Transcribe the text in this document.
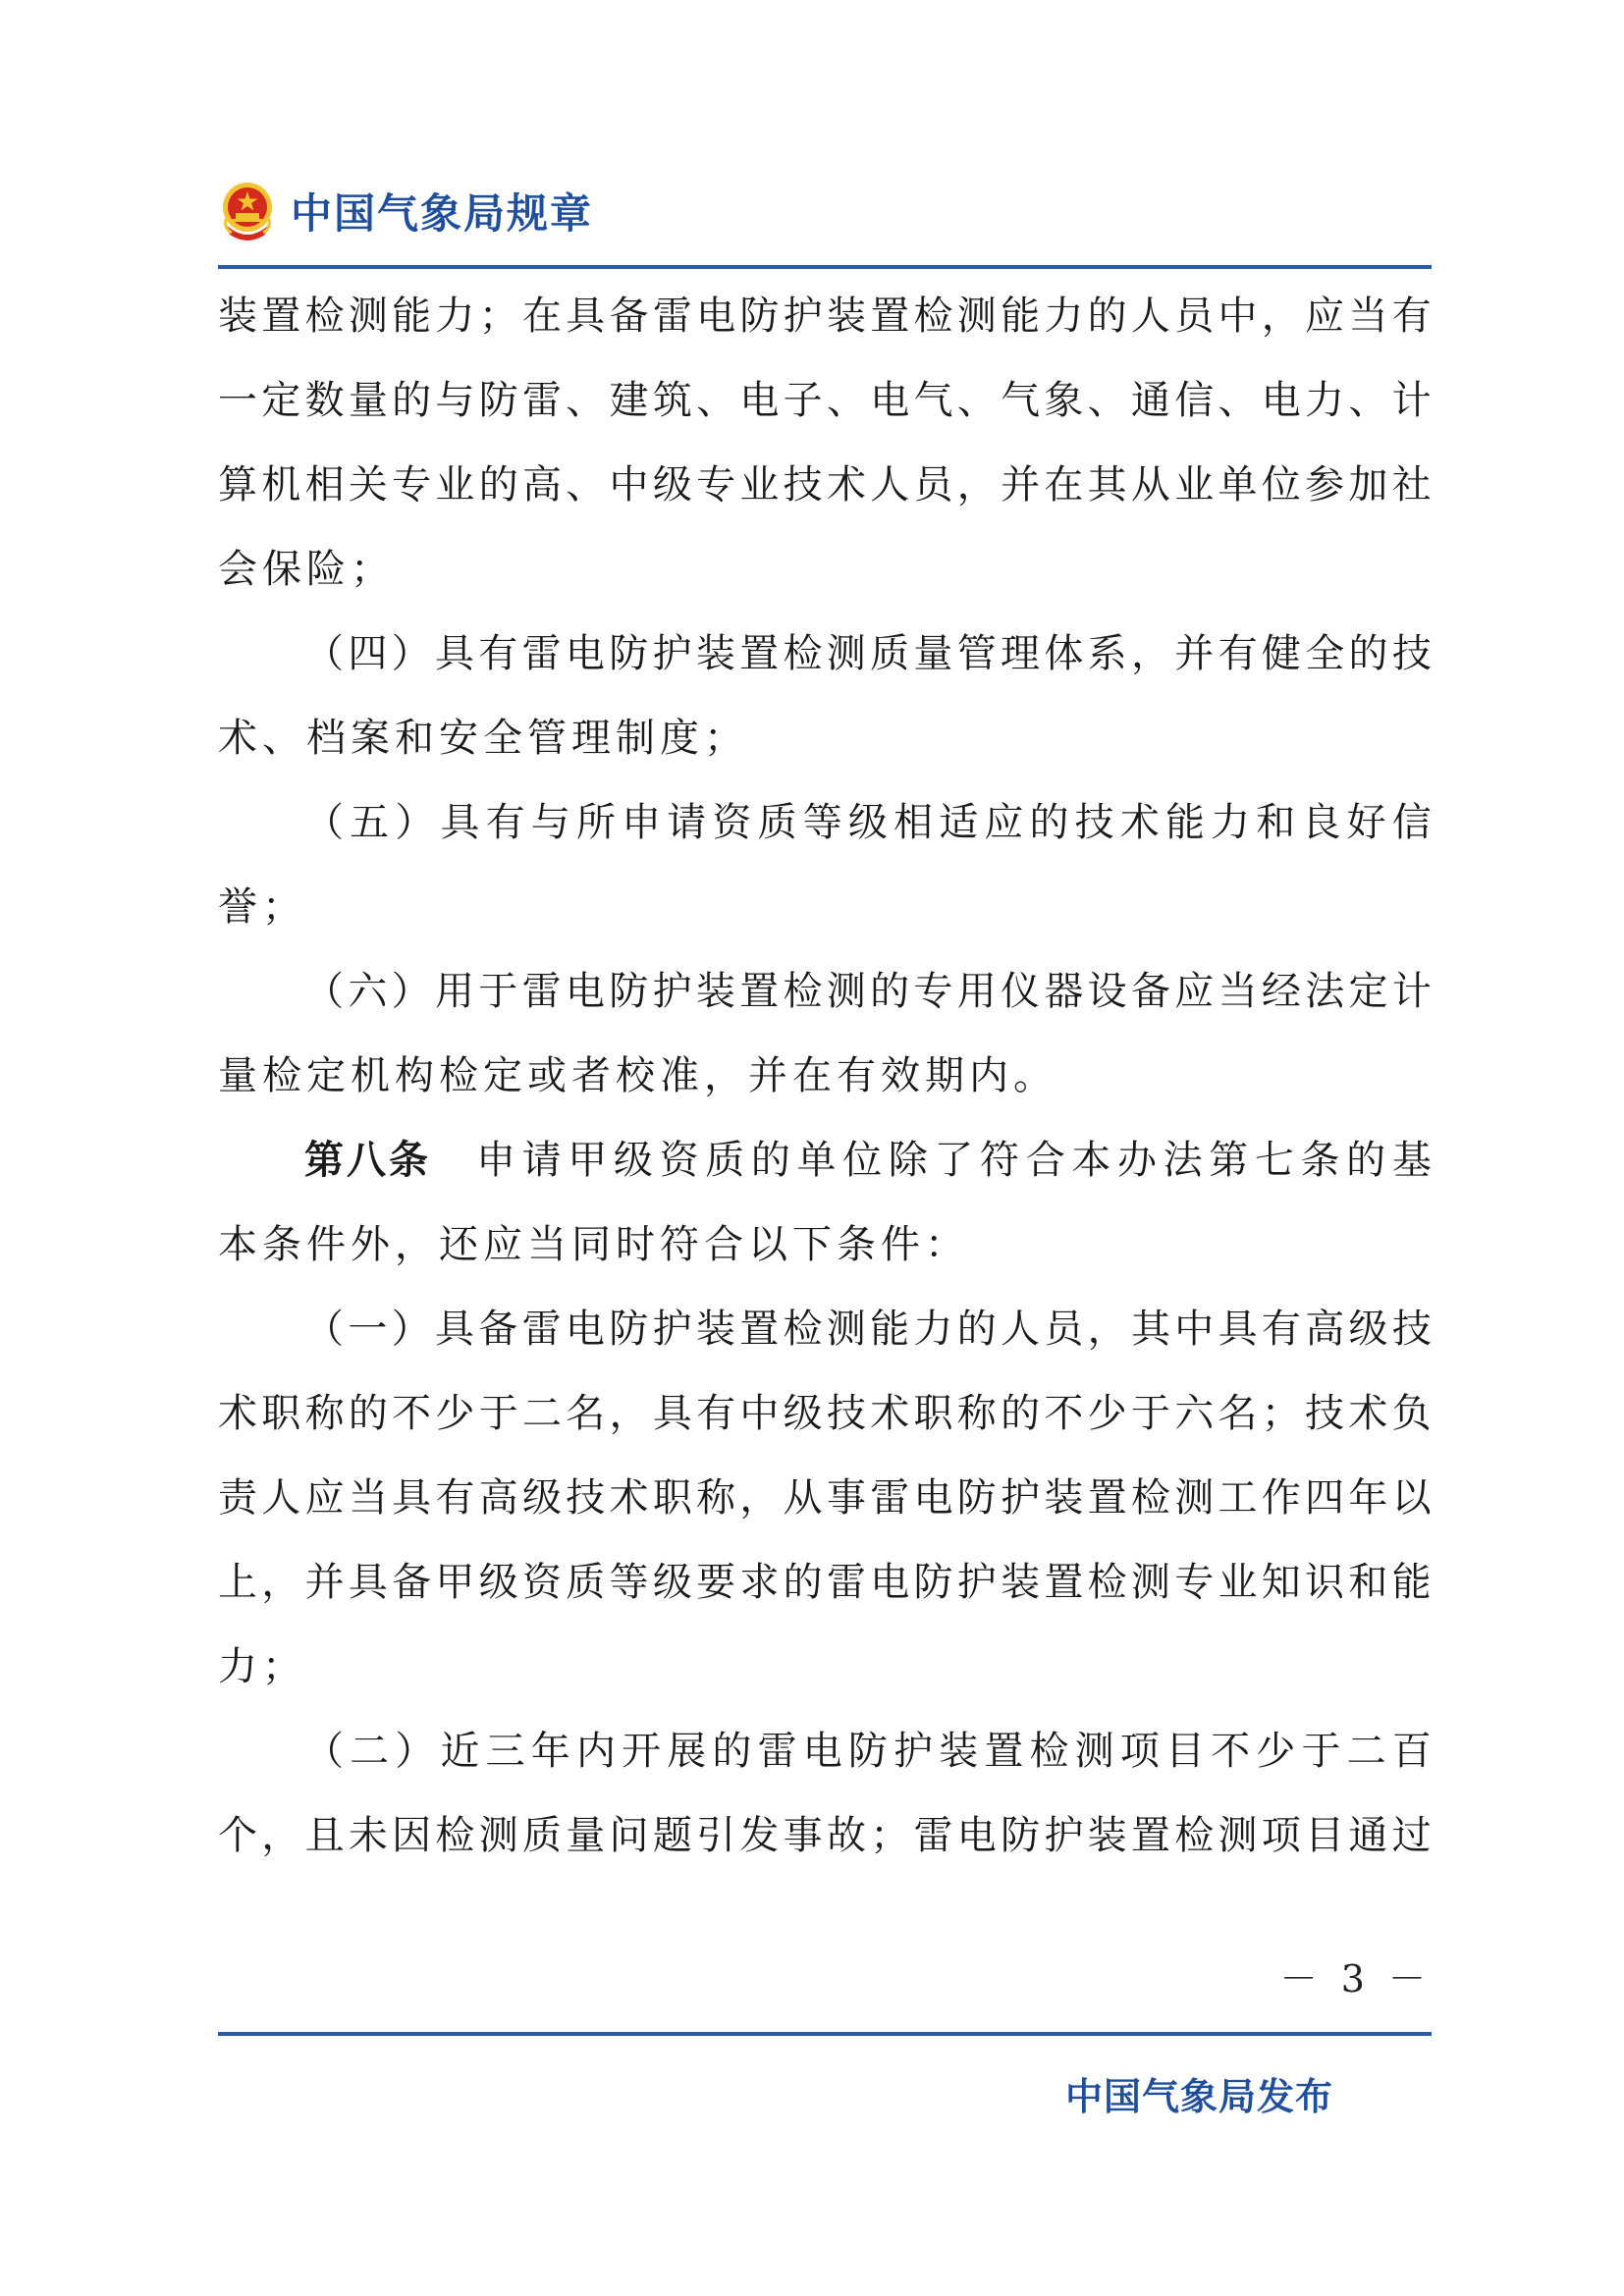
中国气象局规章
装 置 检 测 能 力 ； 在 具 备 雷 电 防 护 装 置 检 测 能 力 的 人 员 中 ， 应 当 有
一 定 数 量 的 与 防 雷 、 建 筑 、 电 子 、 电 气 、 气 象 、 通 信 、 电 力 、 计
算 机 相 关 专 业 的 高 、 中 级 专 业 技 术 人 员 ， 并 在 其 从 业 单 位 参 加 社
会保险；
（ 四 ） 具 有 雷 电 防 护 装 置 检 测 质 量 管 理 体 系 ， 并 有 健 全 的 技
术、档案和安全管理制度；
（ 五 ） 具 有 与 所 申 请 资 质 等 级 相 适 应 的 技 术 能 力 和 良 好 信
誉；
（ 六 ） 用 于 雷 电 防 护 装 置 检 测 的 专 用 仪 器 设 备 应 当 经 法 定 计
量检定机构检定或者校准，并在有效期内。
第八条 申 请 甲 级 资 质 的 单 位 除 了 符 合 本 办 法 第 七 条 的 基
本条件外，还应当同时符合以下条件：
（ 一 ） 具 备 雷 电 防 护 装 置 检 测 能 力 的 人 员 ， 其 中 具 有 高 级 技
术 职 称 的 不 少 于 二 名 ， 具 有 中 级 技 术 职 称 的 不 少 于 六 名 ； 技 术 负
责 人 应 当 具 有 高 级 技 术 职 称 ， 从 事 雷 电 防 护 装 置 检 测 工 作 四 年 以
上 ， 并 具 备 甲 级 资 质 等 级 要 求 的 雷 电 防 护 装 置 检 测 专 业 知 识 和 能
力；
（ 二 ） 近 三 年 内 开 展 的 雷 电 防 护 装 置 检 测 项 目 不 少 于 二 百
个 ， 且 未 因 检 测 质 量 问 题 引 发 事 故 ； 雷 电 防 护 装 置 检 测 项 目 通 过
－ 3 －
中国气象局发布
